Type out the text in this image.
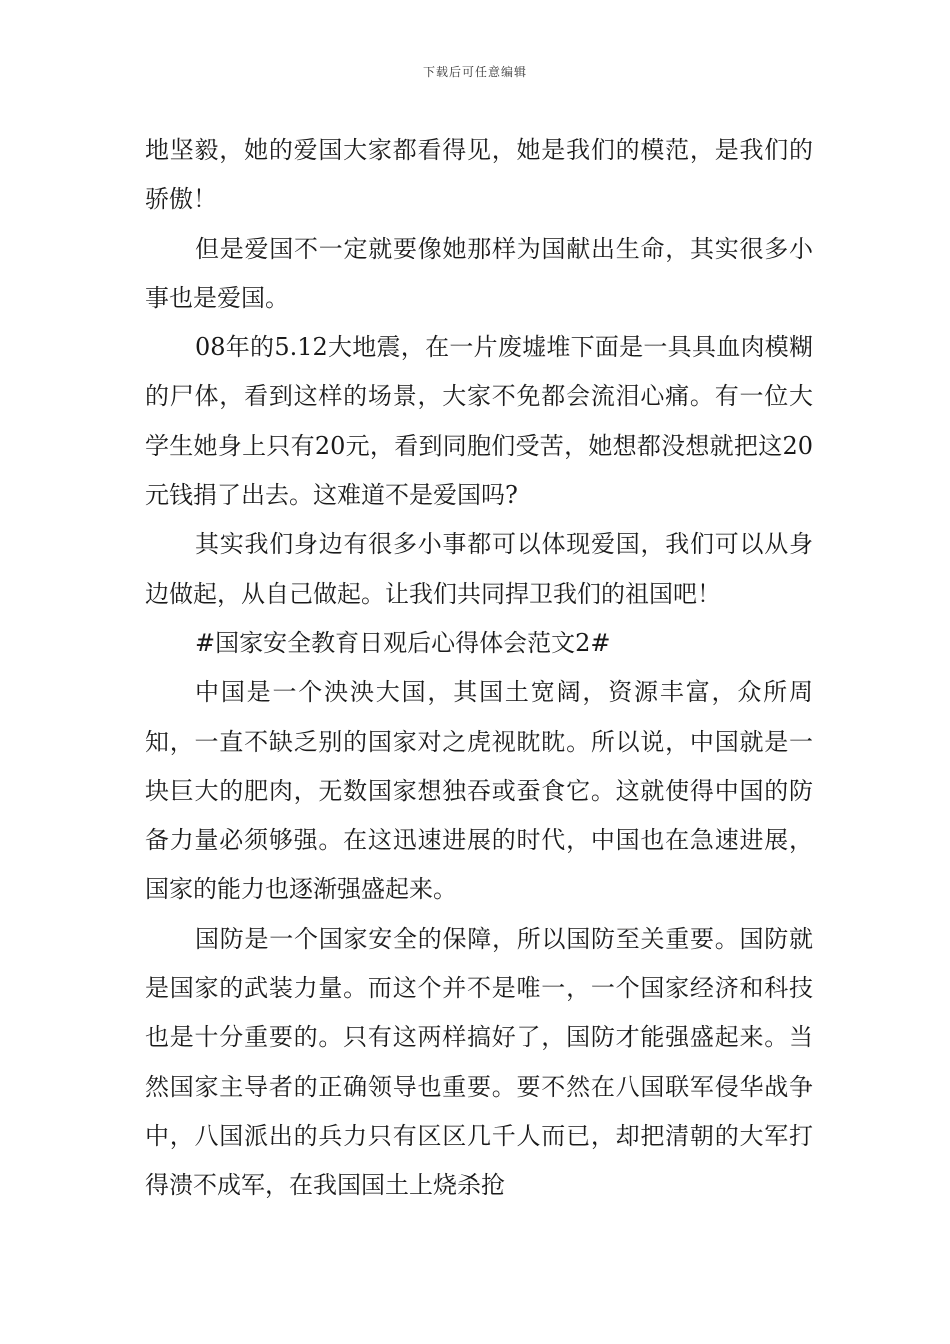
下载后可任意编辑

地坚毅，她的爱国大家都看得见，她是我们的模范，是我们的骄傲！

但是爱国不一定就要像她那样为国献出生命，其实很多小事也是爱国。

08年的5.12大地震，在一片废墟堆下面是一具具血肉模糊的尸体，看到这样的场景，大家不免都会流泪心痛。有一位大学生她身上只有20元，看到同胞们受苦，她想都没想就把这20元钱捐了出去。这难道不是爱国吗?

其实我们身边有很多小事都可以体现爱国，我们可以从身边做起，从自己做起。让我们共同捍卫我们的祖国吧！

#国家安全教育日观后心得体会范文2#

中国是一个泱泱大国，其国土宽阔，资源丰富，众所周知，一直不缺乏别的国家对之虎视眈眈。所以说，中国就是一块巨大的肥肉，无数国家想独吞或蚕食它。这就使得中国的防备力量必须够强。在这迅速进展的时代，中国也在急速进展，国家的能力也逐渐强盛起来。

国防是一个国家安全的保障，所以国防至关重要。国防就是国家的武装力量。而这个并不是唯一，一个国家经济和科技也是十分重要的。只有这两样搞好了，国防才能强盛起来。当然国家主导者的正确领导也重要。要不然在八国联军侵华战争中，八国派出的兵力只有区区几千人而已，却把清朝的大军打得溃不成军，在我国国土上烧杀抢
